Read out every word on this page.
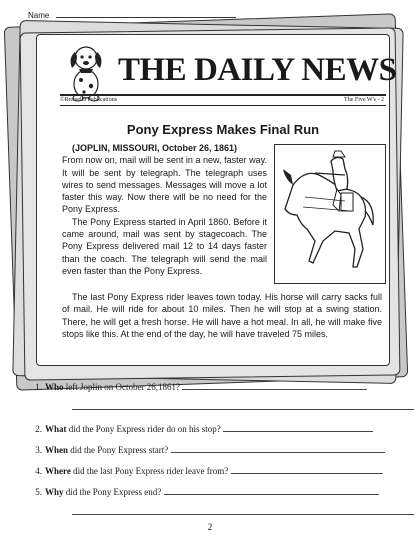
Name
THE DAILY NEWS
©Remedia Publications	The Five W's - 2
Pony Express Makes Final Run

(JOPLIN, MISSOURI, October 26, 1861)
From now on, mail will be sent in a new, faster way. It will be sent by telegraph. The telegraph uses wires to send messages. Messages will move a lot faster this way. Now there will be no need for the Pony Express.

The Pony Express started in April 1860. Before it came around, mail was sent by stagecoach. The Pony Express delivered mail 12 to 14 days faster than the coach. The telegraph will send the mail even faster than the Pony Express.

The last Pony Express rider leaves town today. His horse will carry sacks full of mail. He will ride for about 10 miles. Then he will stop at a swing station. There, he will get a fresh horse. He will have a hot meal. In all, he will make five stops like this. At the end of the day, he will have traveled 75 miles.

1. Who left Joplin on October 26,1861?
2. What did the Pony Express rider do on his stop?
3. When did the Pony Express start?
4. Where did the last Pony Express rider leave from?
5. Why did the Pony Express end?
2
